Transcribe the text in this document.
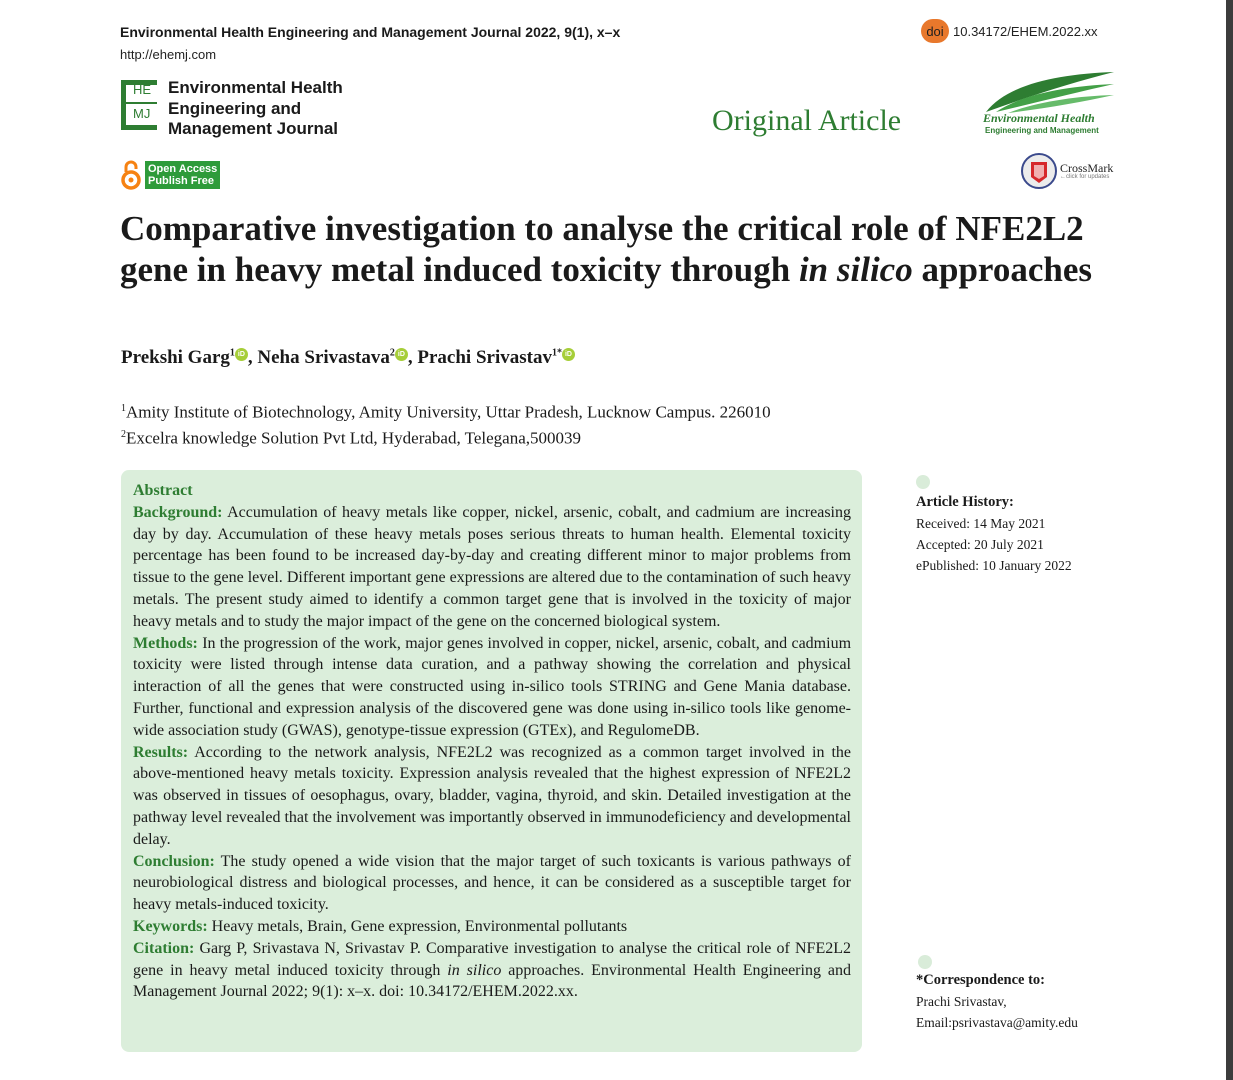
Environmental Health Engineering and Management Journal 2022, 9(1), x–x
http://ehemj.com
doi 10.34172/EHEM.2022.xx
HE
MJ
Environmental Health
Engineering and
Management Journal	Original Article	Environmental Health
Engineering and Management
Open Access
Publish Free
CrossMark
←click for updates
Comparative investigation to analyse the critical role of NFE2L2 gene in heavy metal induced toxicity through in silico approaches
Prekshi Garg$^1$ iD , Neha Srivastava$^2$ iD , Prachi Srivastav$^{1*}$ iD
$^1$Amity Institute of Biotechnology, Amity University, Uttar Pradesh, Lucknow Campus. 226010
$^2$Excelra knowledge Solution Pvt Ltd, Hyderabad, Telegana,500039

Abstract

Background: Accumulation of heavy metals like copper, nickel, arsenic, cobalt, and cadmium are increasing day by day. Accumulation of these heavy metals poses serious threats to human health. Elemental toxicity percentage has been found to be increased day-by-day and creating different minor to major problems from tissue to the gene level. Different important gene expressions are altered due to the contamination of such heavy metals. The present study aimed to identify a common target gene that is involved in the toxicity of major heavy metals and to study the major impact of the gene on the concerned biological system.

Methods: In the progression of the work, major genes involved in copper, nickel, arsenic, cobalt, and cadmium toxicity were listed through intense data curation, and a pathway showing the correlation and physical interaction of all the genes that were constructed using in-silico tools STRING and Gene Mania database. Further, functional and expression analysis of the discovered gene was done using in-silico tools like genome-wide association study (GWAS), genotype-tissue expression (GTEx), and RegulomeDB.

Results: According to the network analysis, NFE2L2 was recognized as a common target involved in the above-mentioned heavy metals toxicity. Expression analysis revealed that the highest expression of NFE2L2 was observed in tissues of oesophagus, ovary, bladder, vagina, thyroid, and skin. Detailed investigation at the pathway level revealed that the involvement was importantly observed in immunodeficiency and developmental delay.

Conclusion: The study opened a wide vision that the major target of such toxicants is various pathways of neurobiological distress and biological processes, and hence, it can be considered as a susceptible target for heavy metals-induced toxicity.

Keywords: Heavy metals, Brain, Gene expression, Environmental pollutants

Citation: Garg P, Srivastava N, Srivastav P. Comparative investigation to analyse the critical role of NFE2L2 gene in heavy metal induced toxicity through in silico approaches. Environmental Health Engineering and Management Journal 2022; 9(1): x–x. doi: 10.34172/EHEM.2022.xx.

Article History:
Received: 14 May 2021
Accepted: 20 July 2021
ePublished: 10 January 2022
*Correspondence to:
Prachi Srivastav,
Email:psrivastava@amity.edu
